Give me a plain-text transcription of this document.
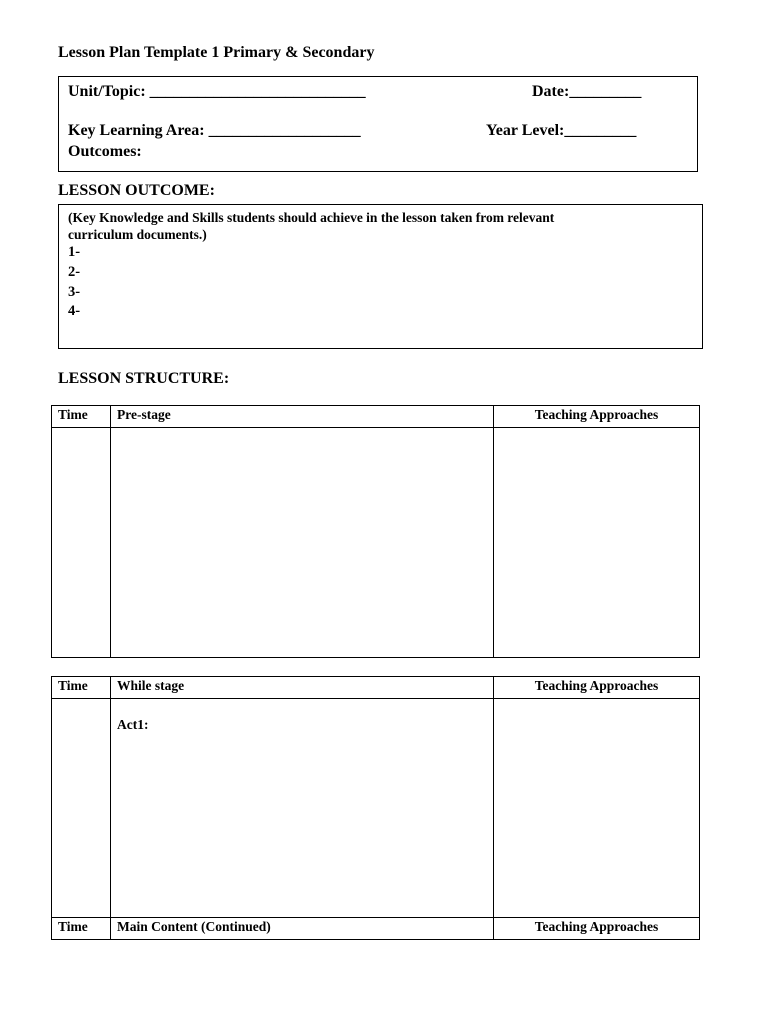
Lesson Plan Template 1 Primary & Secondary
Unit/Topic: ___________________________	Date:_________
Key Learning Area: ___________________	Year Level:_________
Outcomes:
LESSON OUTCOME:
(Key Knowledge and Skills students should achieve in the lesson taken from relevant
curriculum documents.)
1-
2-
3-
4-
LESSON STRUCTURE:
Time	Pre-stage	Teaching Approaches

Time	While stage	Teaching Approaches

	Act1:	

Time	Main Content (Continued)	Teaching Approaches
